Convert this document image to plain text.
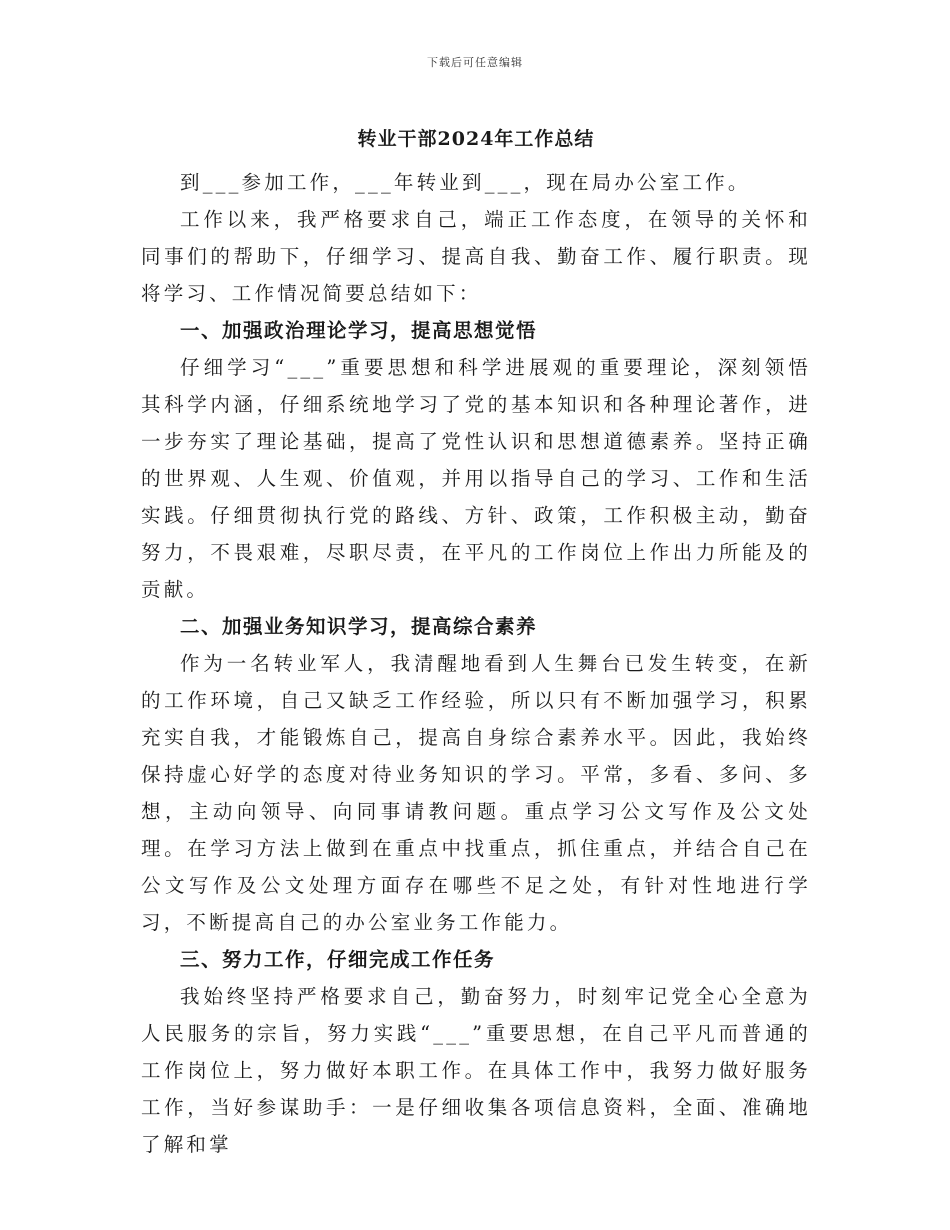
下载后可任意编辑
转业干部2024年工作总结

到___参加工作，___年转业到___，现在局办公室工作。

工作以来，我严格要求自己，端正工作态度，在领导的关怀和同事们的帮助下，仔细学习、提高自我、勤奋工作、履行职责。现将学习、工作情况简要总结如下：

一、加强政治理论学习，提高思想觉悟

仔细学习“___”重要思想和科学进展观的重要理论，深刻领悟其科学内涵，仔细系统地学习了党的基本知识和各种理论著作，进一步夯实了理论基础，提高了党性认识和思想道德素养。坚持正确的世界观、人生观、价值观，并用以指导自己的学习、工作和生活实践。仔细贯彻执行党的路线、方针、政策，工作积极主动，勤奋努力，不畏艰难，尽职尽责，在平凡的工作岗位上作出力所能及的贡献。

二、加强业务知识学习，提高综合素养

作为一名转业军人，我清醒地看到人生舞台已发生转变，在新的工作环境，自己又缺乏工作经验，所以只有不断加强学习，积累充实自我，才能锻炼自己，提高自身综合素养水平。因此，我始终保持虚心好学的态度对待业务知识的学习。平常，多看、多问、多想，主动向领导、向同事请教问题。重点学习公文写作及公文处理。在学习方法上做到在重点中找重点，抓住重点，并结合自己在公文写作及公文处理方面存在哪些不足之处，有针对性地进行学习，不断提高自己的办公室业务工作能力。

三、努力工作，仔细完成工作任务

我始终坚持严格要求自己，勤奋努力，时刻牢记党全心全意为人民服务的宗旨，努力实践“___”重要思想，在自己平凡而普通的工作岗位上，努力做好本职工作。在具体工作中，我努力做好服务工作，当好参谋助手：一是仔细收集各项信息资料，全面、准确地了解和掌
